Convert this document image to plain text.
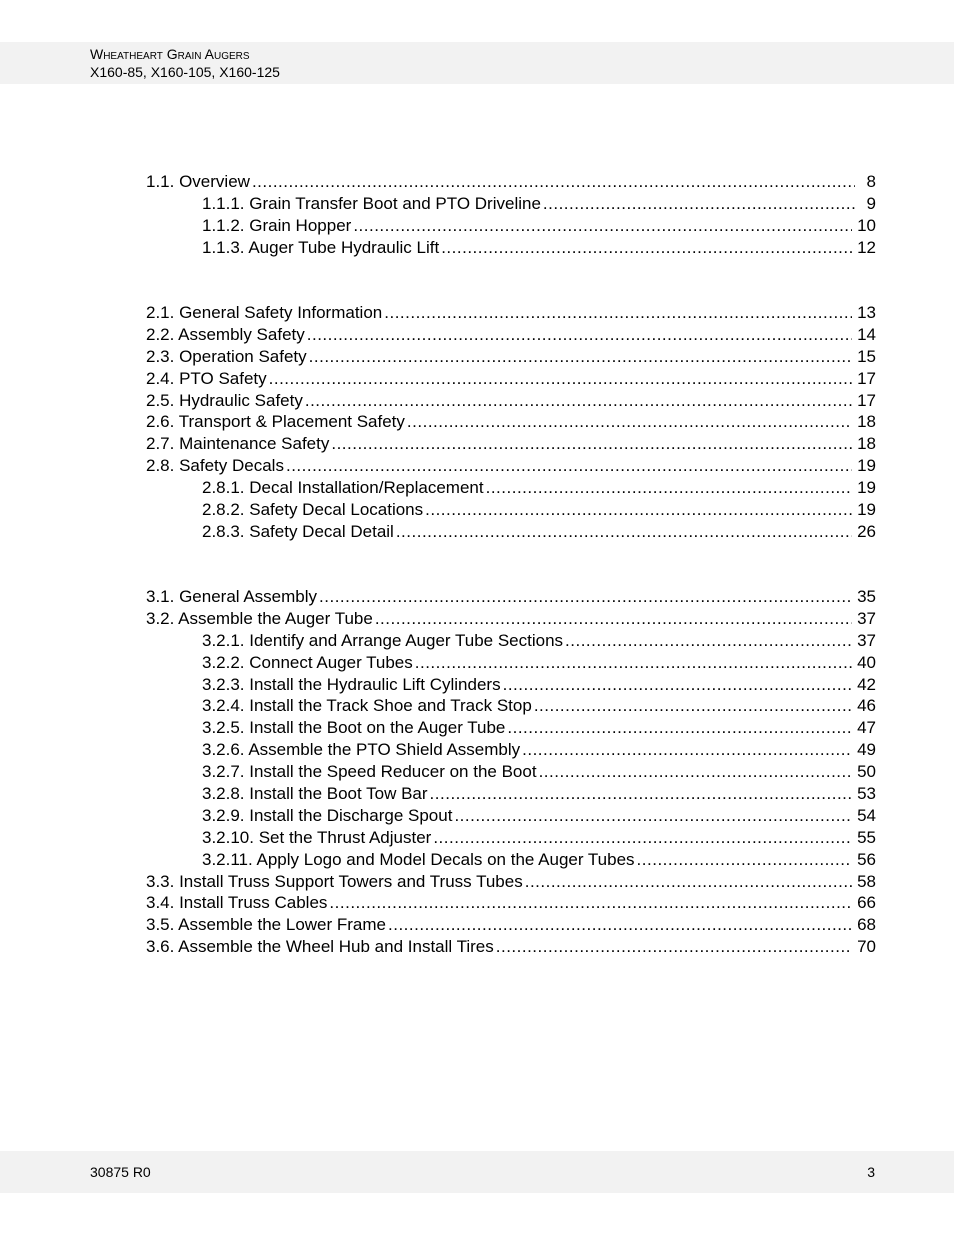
Wheatheart Grain Augers
X160-85, X160-105, X160-125
1.1. Overview .....	8
1.1.1. Grain Transfer Boot and PTO Driveline .....	9
1.1.2. Grain Hopper .....	10
1.1.3. Auger Tube Hydraulic Lift .....	12
2.1. General Safety Information .....	13
2.2. Assembly Safety .....	14
2.3. Operation Safety .....	15
2.4. PTO Safety .....	17
2.5. Hydraulic Safety .....	17
2.6. Transport & Placement Safety .....	18
2.7. Maintenance Safety .....	18
2.8. Safety Decals .....	19
2.8.1. Decal Installation/Replacement .....	19
2.8.2. Safety Decal Locations .....	19
2.8.3. Safety Decal Detail .....	26
3.1. General Assembly .....	35
3.2. Assemble the Auger Tube .....	37
3.2.1. Identify and Arrange Auger Tube Sections .....	37
3.2.2. Connect Auger Tubes .....	40
3.2.3. Install the Hydraulic Lift Cylinders .....	42
3.2.4. Install the Track Shoe and Track Stop .....	46
3.2.5. Install the Boot on the Auger Tube .....	47
3.2.6. Assemble the PTO Shield Assembly .....	49
3.2.7. Install the Speed Reducer on the Boot .....	50
3.2.8. Install the Boot Tow Bar .....	53
3.2.9. Install the Discharge Spout .....	54
3.2.10. Set the Thrust Adjuster .....	55
3.2.11. Apply Logo and Model Decals on the Auger Tubes .....	56
3.3. Install Truss Support Towers and Truss Tubes .....	58
3.4. Install Truss Cables .....	66
3.5. Assemble the Lower Frame .....	68
3.6. Assemble the Wheel Hub and Install Tires .....	70
30875 R0	3
